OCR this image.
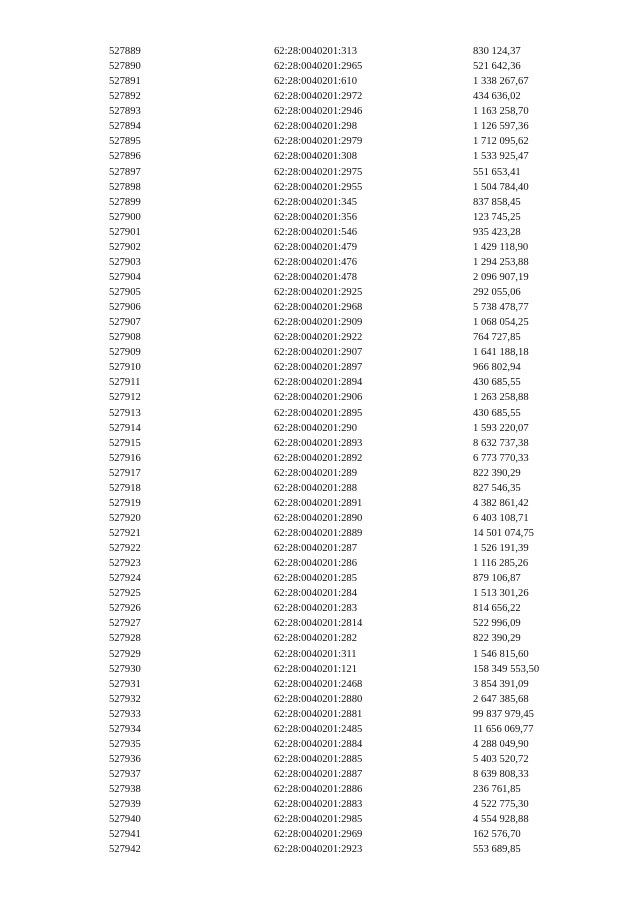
527889	62:28:0040201:313	830 124,37
527890	62:28:0040201:2965	521 642,36
527891	62:28:0040201:610	1 338 267,67
527892	62:28:0040201:2972	434 636,02
527893	62:28:0040201:2946	1 163 258,70
527894	62:28:0040201:298	1 126 597,36
527895	62:28:0040201:2979	1 712 095,62
527896	62:28:0040201:308	1 533 925,47
527897	62:28:0040201:2975	551 653,41
527898	62:28:0040201:2955	1 504 784,40
527899	62:28:0040201:345	837 858,45
527900	62:28:0040201:356	123 745,25
527901	62:28:0040201:546	935 423,28
527902	62:28:0040201:479	1 429 118,90
527903	62:28:0040201:476	1 294 253,88
527904	62:28:0040201:478	2 096 907,19
527905	62:28:0040201:2925	292 055,06
527906	62:28:0040201:2968	5 738 478,77
527907	62:28:0040201:2909	1 068 054,25
527908	62:28:0040201:2922	764 727,85
527909	62:28:0040201:2907	1 641 188,18
527910	62:28:0040201:2897	966 802,94
527911	62:28:0040201:2894	430 685,55
527912	62:28:0040201:2906	1 263 258,88
527913	62:28:0040201:2895	430 685,55
527914	62:28:0040201:290	1 593 220,07
527915	62:28:0040201:2893	8 632 737,38
527916	62:28:0040201:2892	6 773 770,33
527917	62:28:0040201:289	822 390,29
527918	62:28:0040201:288	827 546,35
527919	62:28:0040201:2891	4 382 861,42
527920	62:28:0040201:2890	6 403 108,71
527921	62:28:0040201:2889	14 501 074,75
527922	62:28:0040201:287	1 526 191,39
527923	62:28:0040201:286	1 116 285,26
527924	62:28:0040201:285	879 106,87
527925	62:28:0040201:284	1 513 301,26
527926	62:28:0040201:283	814 656,22
527927	62:28:0040201:2814	522 996,09
527928	62:28:0040201:282	822 390,29
527929	62:28:0040201:311	1 546 815,60
527930	62:28:0040201:121	158 349 553,50
527931	62:28:0040201:2468	3 854 391,09
527932	62:28:0040201:2880	2 647 385,68
527933	62:28:0040201:2881	99 837 979,45
527934	62:28:0040201:2485	11 656 069,77
527935	62:28:0040201:2884	4 288 049,90
527936	62:28:0040201:2885	5 403 520,72
527937	62:28:0040201:2887	8 639 808,33
527938	62:28:0040201:2886	236 761,85
527939	62:28:0040201:2883	4 522 775,30
527940	62:28:0040201:2985	4 554 928,88
527941	62:28:0040201:2969	162 576,70
527942	62:28:0040201:2923	553 689,85
